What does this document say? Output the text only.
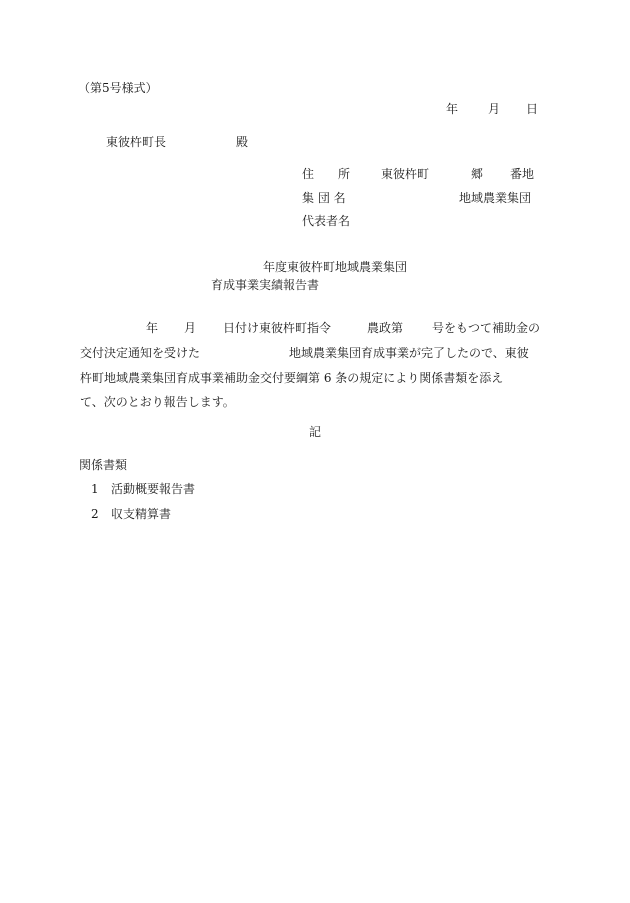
（第5号様式）
年 月 日
東彼杵町長	殿
住　　所	東彼杵町	郷 番地
集 団 名	地域農業集団
代表者名
年度東彼杵町地域農業集団
育成事業実績報告書
年 月 日付け東彼杵町指令	農政第 号をもつて補助金の
交付決定通知を受けた	地域農業集団育成事業が完了したので、東彼
杵町地域農業集団育成事業補助金交付要綱第 6 条の規定により関係書類を添え
て、次のとおり報告します。
記
関係書類
1 活動概要報告書
2 収支精算書
